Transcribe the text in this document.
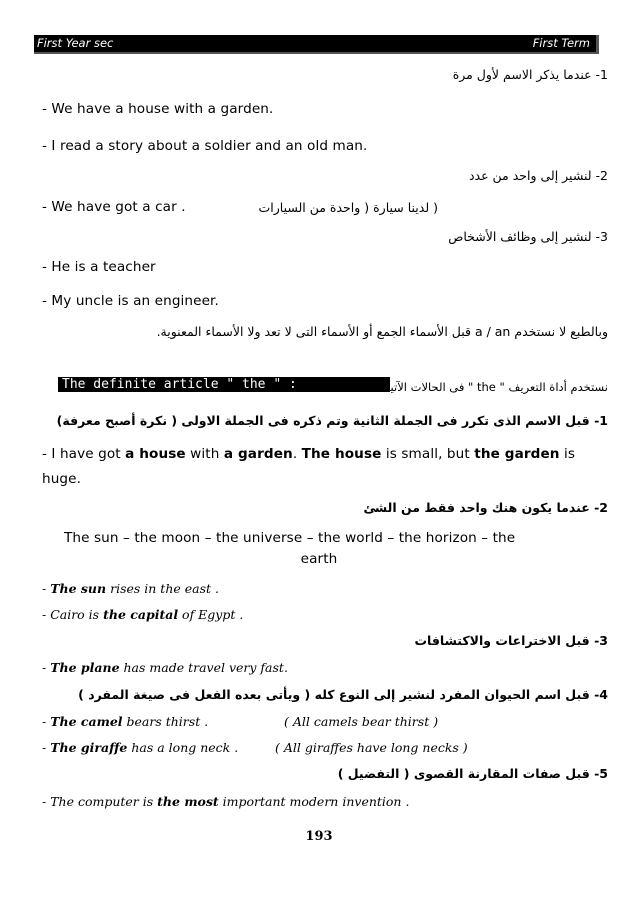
First Year sec	First Term
1- عندما يذكر الاسم لأول مرة
- We have a house with a garden.
- I read a story about a soldier and an old man.
2- لنشير إلى واحد من عدد
- We have got a car .	( لدينا سيارة ( واحدة من السيارات
3- لنشير إلى وظائف الأشخاص
- He is a teacher
- My uncle is an engineer.
وبالطبع لا نستخدم a / an قبل الأسماء الجمع أو الأسماء التى لا تعد ولا الأسماء المعنوية.
The definite article " the " :	نستخدم أداة التعريف " the " فى الحالات الآتية :
1- قبل الاسم الذى تكرر فى الجملة الثانية وتم ذكره فى الجملة الاولى ( نكرة أصبح معرفة)
- I have got a house with a garden. The house is small, but the garden is
huge.
2- عندما يكون هنك واحد فقط من الشئ
The sun – the moon – the universe – the world – the horizon – the
earth
- The sun rises in the east .
- Cairo is the capital of Egypt .
3- قبل الاختراعات والاكتشافات
- The plane has made travel very fast.
4- قبل اسم الحيوان المفرد لنشير إلى النوع كله ( ويأتى بعده الفعل فى صيغة المفرد )
- The camel bears thirst .	( All camels bear thirst )
- The giraffe has a long neck .	( All giraffes have long necks )
5- قبل صفات المقارنة القصوى ( التفضيل )
- The computer is the most important modern invention .
193
